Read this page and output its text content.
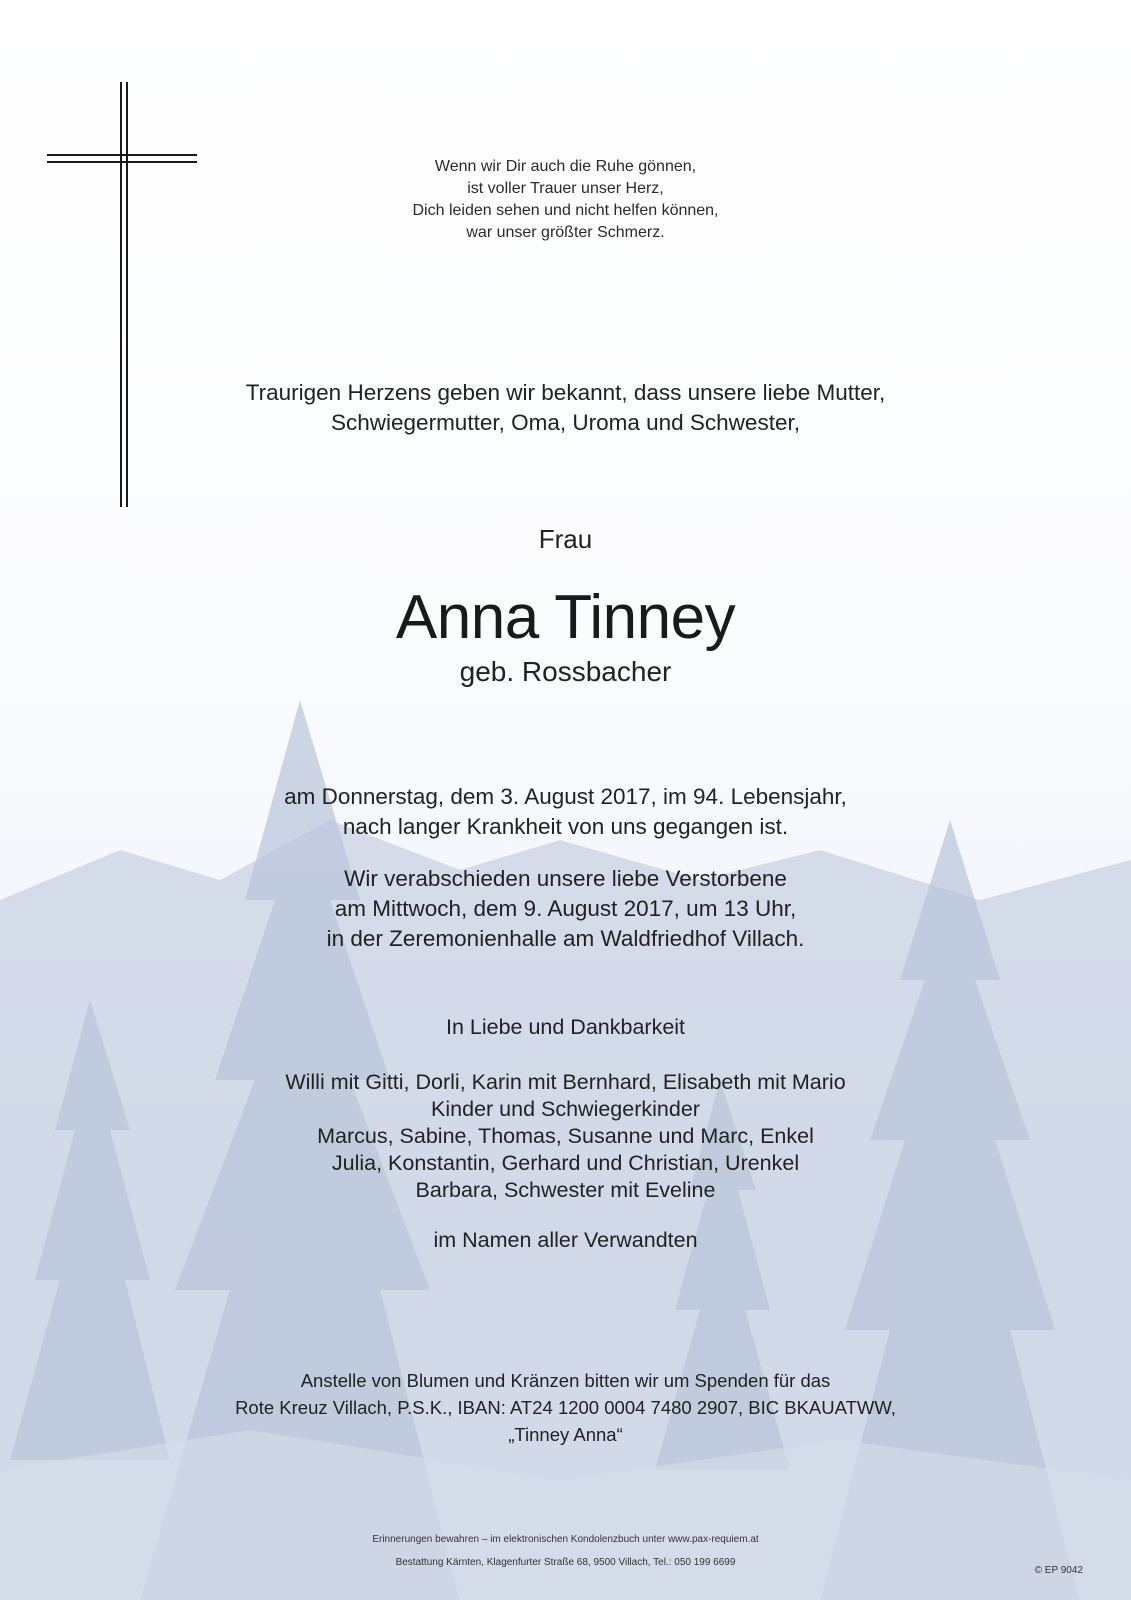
Wenn wir Dir auch die Ruhe gönnen,
ist voller Trauer unser Herz,
Dich leiden sehen und nicht helfen können,
war unser größter Schmerz.
Traurigen Herzens geben wir bekannt, dass unsere liebe Mutter,
Schwiegermutter, Oma, Uroma und Schwester,
Frau
Anna Tinney
geb. Rossbacher
am Donnerstag, dem 3. August 2017, im 94. Lebensjahr,
nach langer Krankheit von uns gegangen ist.
Wir verabschieden unsere liebe Verstorbene
am Mittwoch, dem 9. August 2017, um 13 Uhr,
in der Zeremonienhalle am Waldfriedhof Villach.
In Liebe und Dankbarkeit
Willi mit Gitti, Dorli, Karin mit Bernhard, Elisabeth mit Mario
Kinder und Schwiegerkinder
Marcus, Sabine, Thomas, Susanne und Marc, Enkel
Julia, Konstantin, Gerhard und Christian, Urenkel
Barbara, Schwester mit Eveline
im Namen aller Verwandten
Anstelle von Blumen und Kränzen bitten wir um Spenden für das
Rote Kreuz Villach, P.S.K., IBAN: AT24 1200 0004 7480 2907, BIC BKAUATWW,
„Tinney Anna“
Erinnerungen bewahren – im elektronischen Kondolenzbuch unter www.pax-requiem.at
Bestattung Kärnten, Klagenfurter Straße 68, 9500 Villach, Tel.: 050 199 6699
© EP 9042
